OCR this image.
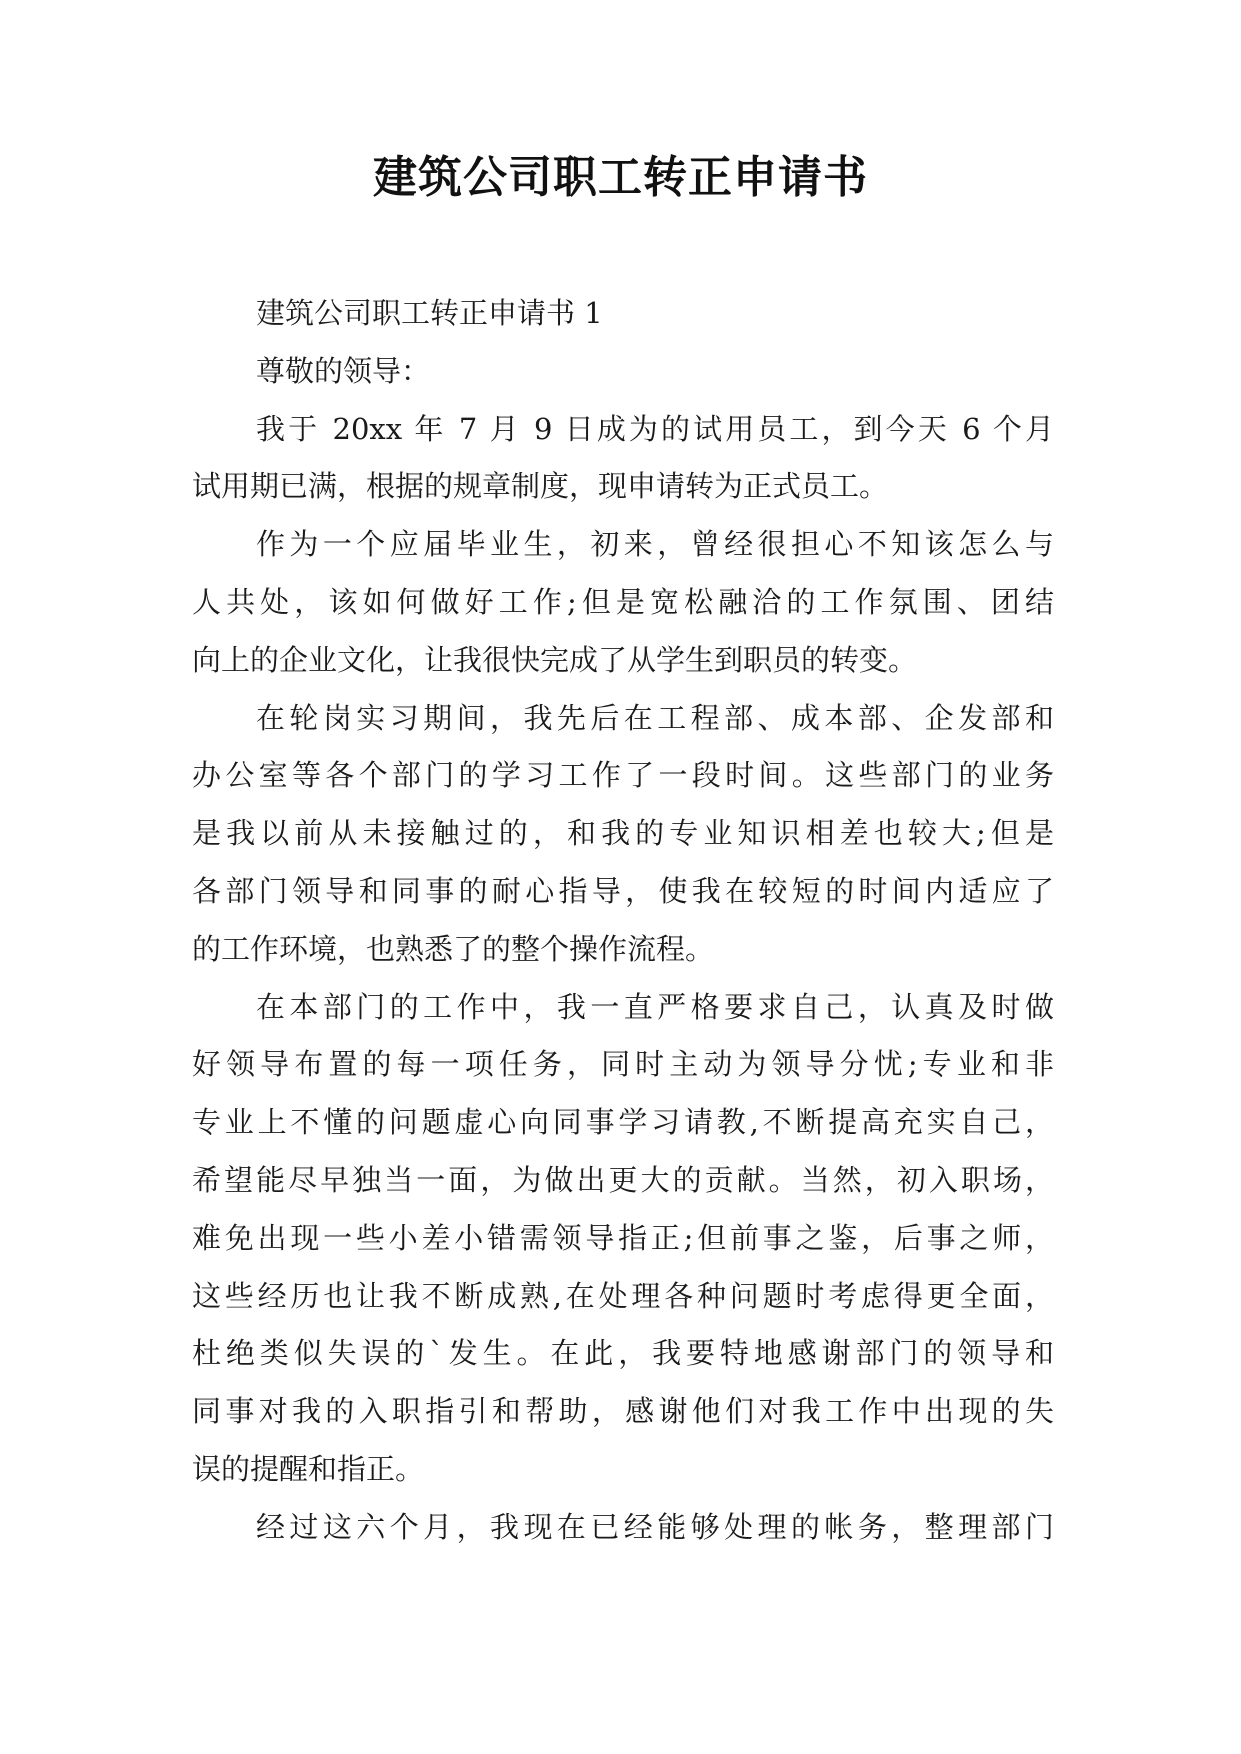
建筑公司职工转正申请书
建筑公司职工转正申请书 1
尊敬的领导：
我于 20xx 年 7 月 9 日成为的试用员工，到今天 6 个月
试用期已满，根据的规章制度，现申请转为正式员工。
作为一个应届毕业生，初来，曾经很担心不知该怎么与
人共处，该如何做好工作;但是宽松融洽的工作氛围、团结
向上的企业文化，让我很快完成了从学生到职员的转变。
在轮岗实习期间，我先后在工程部、成本部、企发部和
办公室等各个部门的学习工作了一段时间。这些部门的业务
是我以前从未接触过的，和我的专业知识相差也较大;但是
各部门领导和同事的耐心指导，使我在较短的时间内适应了
的工作环境，也熟悉了的整个操作流程。
在本部门的工作中，我一直严格要求自己，认真及时做
好领导布置的每一项任务，同时主动为领导分忧;专业和非
专业上不懂的问题虚心向同事学习请教,不断提高充实自己，
希望能尽早独当一面，为做出更大的贡献。当然，初入职场，
难免出现一些小差小错需领导指正;但前事之鉴，后事之师，
这些经历也让我不断成熟,在处理各种问题时考虑得更全面，
杜绝类似失误的`发生。在此，我要特地感谢部门的领导和
同事对我的入职指引和帮助，感谢他们对我工作中出现的失
误的提醒和指正。
经过这六个月，我现在已经能够处理的帐务，整理部门
